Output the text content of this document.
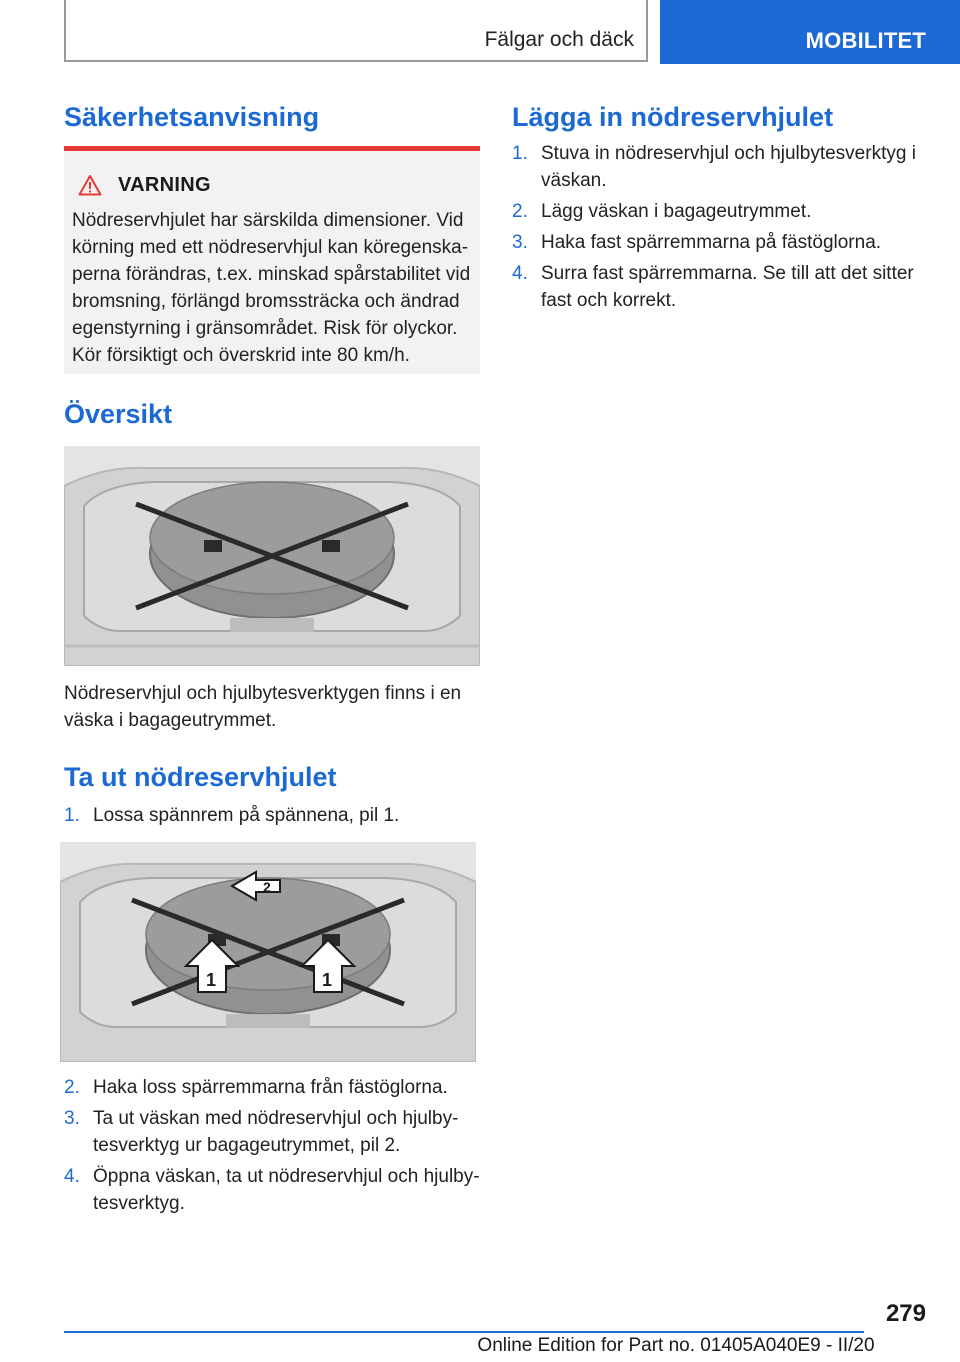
Fälgar och däck	MOBILITET
Säkerhetsanvisning
VARNING
Nödreservhjulet har särskilda dimensioner. Vid körning med ett nödreservhjul kan köregenska-perna förändras, t.ex. minskad spårstabilitet vid bromsning, förlängd bromssträcka och ändrad egenstyrning i gränsområdet. Risk för olyckor. Kör försiktigt och överskrid inte 80 km/h.
Översikt

Nödreservhjul och hjulbytesverktygen finns i en väska i bagageutrymmet.

Ta ut nödreservhjulet
1. Lossa spännrem på spännena, pil 1.
2
1	1
2. Haka loss spärremmarna från fästöglorna.
3. Ta ut väskan med nödreservhjul och hjulby-tesverktyg ur bagageutrymmet, pil 2.
4. Öppna väskan, ta ut nödreservhjul och hjulby-tesverktyg.
Lägga in nödreservhjulet
1. Stuva in nödreservhjul och hjulbytesverktyg i väskan.
2. Lägg väskan i bagageutrymmet.
3. Haka fast spärremmarna på fästöglorna.
4. Surra fast spärremmarna. Se till att det sitter fast och korrekt.
279
Online Edition for Part no. 01405A040E9 - II/20
